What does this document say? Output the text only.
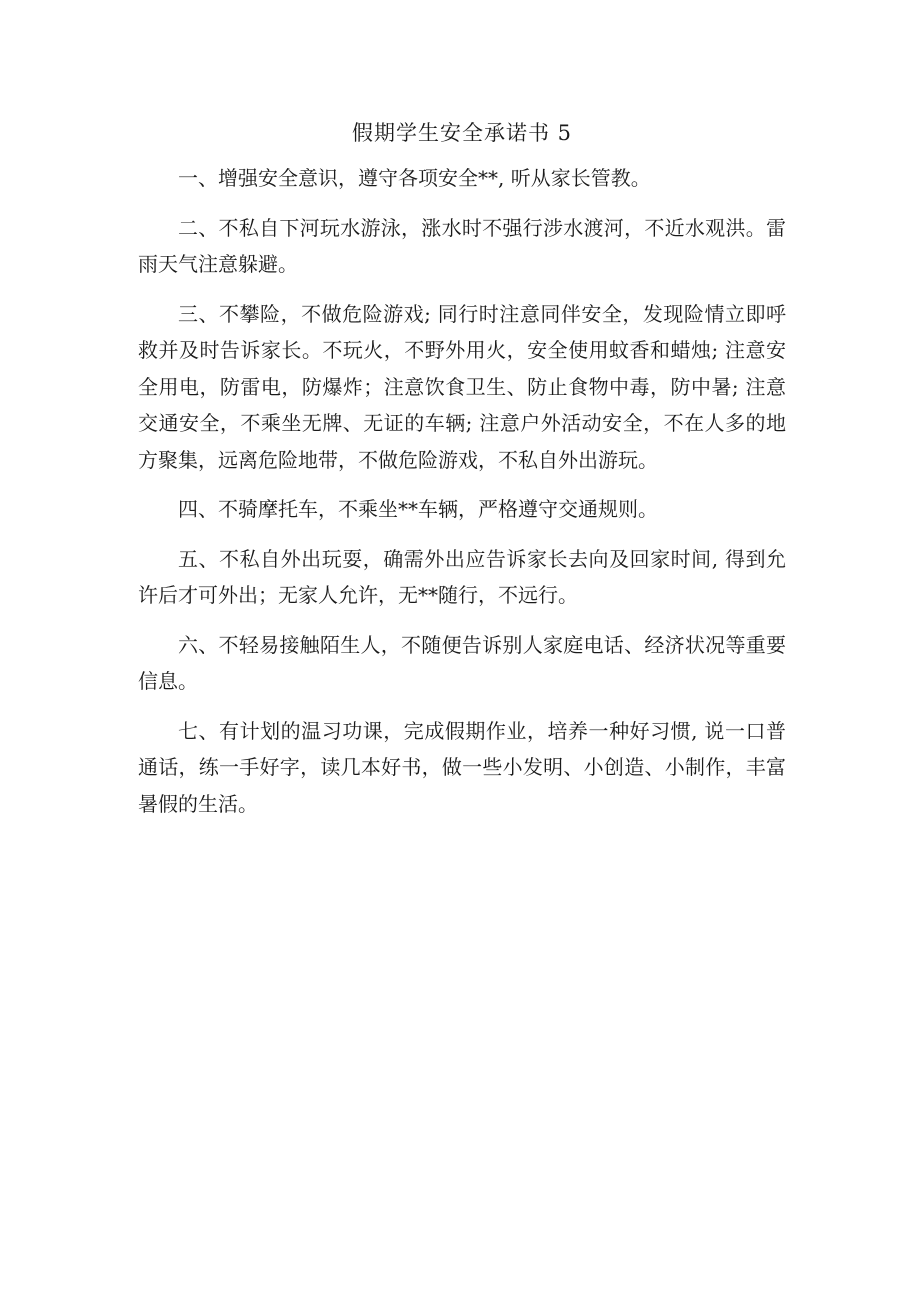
假期学生安全承诺书 5

一、增强安全意识，遵守各项安全**, 听从家长管教。

二、不私自下河玩水游泳，涨水时不强行涉水渡河，不近水观洪。雷雨天气注意躲避。

三、不攀险，不做危险游戏; 同行时注意同伴安全，发现险情立即呼救并及时告诉家长。不玩火，不野外用火，安全使用蚊香和蜡烛; 注意安全用电，防雷电，防爆炸；注意饮食卫生、防止食物中毒，防中暑; 注意交通安全，不乘坐无牌、无证的车辆; 注意户外活动安全，不在人多的地方聚集，远离危险地带，不做危险游戏，不私自外出游玩。

四、不骑摩托车，不乘坐**车辆，严格遵守交通规则。

五、不私自外出玩耍，确需外出应告诉家长去向及回家时间, 得到允许后才可外出；无家人允许，无**随行，不远行。

六、不轻易接触陌生人，不随便告诉别人家庭电话、经济状况等重要信息。

七、有计划的温习功课，完成假期作业，培养一种好习惯, 说一口普通话，练一手好字，读几本好书，做一些小发明、小创造、小制作，丰富暑假的生活。
